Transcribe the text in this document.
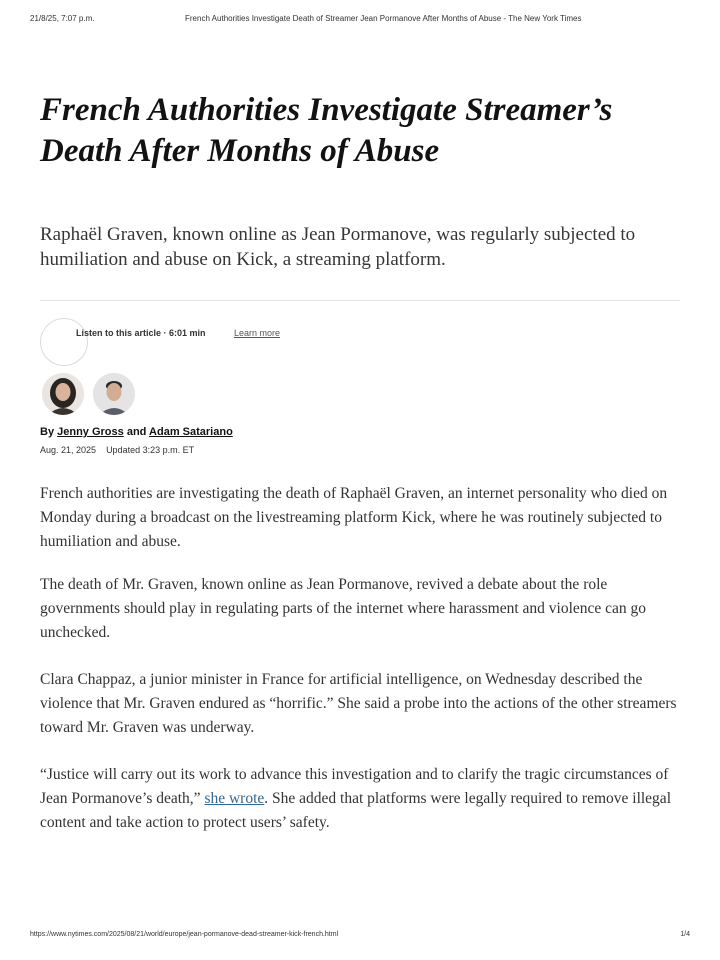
21/8/25, 7:07 p.m.	French Authorities Investigate Death of Streamer Jean Pormanove After Months of Abuse - The New York Times
French Authorities Investigate Streamer’s Death After Months of Abuse

Raphaël Graven, known online as Jean Pormanove, was regularly subjected to humiliation and abuse on Kick, a streaming platform.

Listen to this article · 6:01 min	Learn more
By Jenny Gross and Adam Satariano
Aug. 21, 2025 Updated 3:23 p.m. ET

French authorities are investigating the death of Raphaël Graven, an internet personality who died on Monday during a broadcast on the livestreaming platform Kick, where he was routinely subjected to humiliation and abuse.

The death of Mr. Graven, known online as Jean Pormanove, revived a debate about the role governments should play in regulating parts of the internet where harassment and violence can go unchecked.

Clara Chappaz, a junior minister in France for artificial intelligence, on Wednesday described the violence that Mr. Graven endured as “horrific.” She said a probe into the actions of the other streamers toward Mr. Graven was underway.

“Justice will carry out its work to advance this investigation and to clarify the tragic circumstances of Jean Pormanove’s death,” she wrote. She added that platforms were legally required to remove illegal content and take action to protect users’ safety.

https://www.nytimes.com/2025/08/21/world/europe/jean-pormanove-dead-streamer-kick-french.html	1/4
